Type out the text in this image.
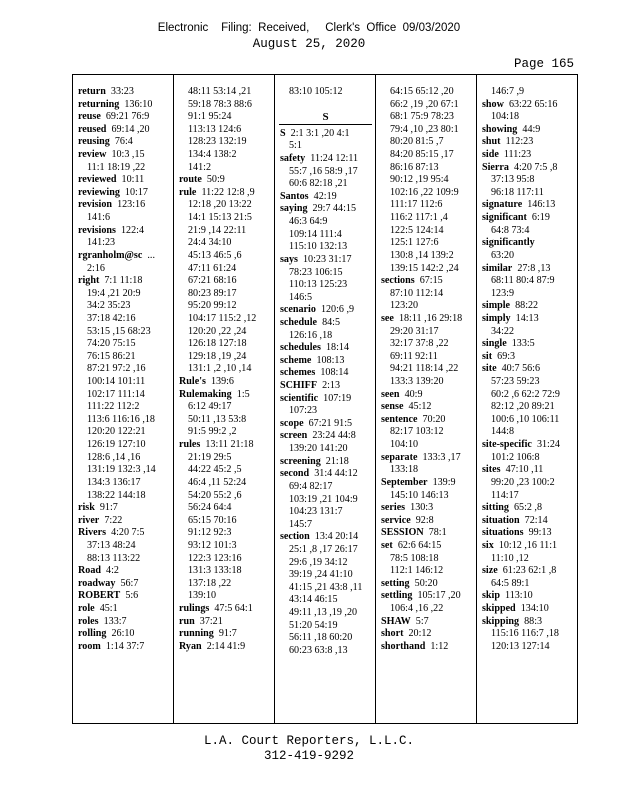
Electronic    Filing:  Received,     Clerk's  Office  09/03/2020
August 25, 2020
Page 165
return 33:23
returning 136:10
reuse 69:21 76:9
reused 69:14 ,20
reusing 76:4
review 10:3 ,15
11:1 18:19 ,22
reviewed 10:11
reviewing 10:17
revision 123:16
141:6
revisions 122:4
141:23
rgranholm@sc ...
2:16
right 7:1 11:18
19:4 ,21 20:9
34:2 35:23
37:18 42:16
53:15 ,15 68:23
74:20 75:15
76:15 86:21
87:21 97:2 ,16
100:14 101:11
102:17 111:14
111:22 112:2
113:6 116:16 ,18
120:20 122:21
126:19 127:10
128:6 ,14 ,16
131:19 132:3 ,14
134:3 136:17
138:22 144:18
risk 91:7
river 7:22
Rivers 4:20 7:5
37:13 48:24
88:13 113:22
Road 4:2
roadway 56:7
ROBERT 5:6
role 45:1
roles 133:7
rolling 26:10
room 1:14 37:7
48:11 53:14 ,21
59:18 78:3 88:6
91:1 95:24
113:13 124:6
128:23 132:19
134:4 138:2
141:2
route 50:9
rule 11:22 12:8 ,9
12:18 ,20 13:22
14:1 15:13 21:5
21:9 ,14 22:11
24:4 34:10
45:13 46:5 ,6
47:11 61:24
67:21 68:16
80:23 89:17
95:20 99:12
104:17 115:2 ,12
120:20 ,22 ,24
126:18 127:18
129:18 ,19 ,24
131:1 ,2 ,10 ,14
Rule's 139:6
Rulemaking 1:5
6:12 49:17
50:11 ,13 53:8
91:5 99:2 ,2
rules 13:11 21:18
21:19 29:5
44:22 45:2 ,5
46:4 ,11 52:24
54:20 55:2 ,6
56:24 64:4
65:15 70:16
91:12 92:3
93:12 101:3
122:3 123:16
131:3 133:18
137:18 ,22
139:10
rulings 47:5 64:1
run 37:21
running 91:7
Ryan 2:14 41:9
83:10 105:12

S
S 2:1 3:1 ,20 4:1
5:1
safety 11:24 12:11
55:7 ,16 58:9 ,17
60:6 82:18 ,21
Santos 42:19
saying 29:7 44:15
46:3 64:9
109:14 111:4
115:10 132:13
says 10:23 31:17
78:23 106:15
110:13 125:23
146:5
scenario 120:6 ,9
schedule 84:5
126:16 ,18
schedules 18:14
scheme 108:13
schemes 108:14
SCHIFF 2:13
scientific 107:19
107:23
scope 67:21 91:5
screen 23:24 44:8
139:20 141:20
screening 21:18
second 31:4 44:12
69:4 82:17
103:19 ,21 104:9
104:23 131:7
145:7
section 13:4 20:14
25:1 ,8 ,17 26:17
29:6 ,19 34:12
39:19 ,24 41:10
41:15 ,21 43:8 ,11
43:14 46:15
49:11 ,13 ,19 ,20
51:20 54:19
56:11 ,18 60:20
60:23 63:8 ,13
64:15 65:12 ,20
66:2 ,19 ,20 67:1
68:1 75:9 78:23
79:4 ,10 ,23 80:1
80:20 81:5 ,7
84:20 85:15 ,17
86:16 87:13
90:12 ,19 95:4
102:16 ,22 109:9
111:17 112:6
116:2 117:1 ,4
122:5 124:14
125:1 127:6
130:8 ,14 139:2
139:15 142:2 ,24
sections 67:15
87:10 112:14
123:20
see 18:11 ,16 29:18
29:20 31:17
32:17 37:8 ,22
69:11 92:11
94:21 118:14 ,22
133:3 139:20
seen 40:9
sense 45:12
sentence 70:20
82:17 103:12
104:10
separate 133:3 ,17
133:18
September 139:9
145:10 146:13
series 130:3
service 92:8
SESSION 78:1
set 62:6 64:15
78:5 108:18
112:1 146:12
setting 50:20
settling 105:17 ,20
106:4 ,16 ,22
SHAW 5:7
short 20:12
shorthand 1:12
146:7 ,9
show 63:22 65:16
104:18
showing 44:9
shut 112:23
side 111:23
Sierra 4:20 7:5 ,8
37:13 95:8
96:18 117:11
signature 146:13
significant 6:19
64:8 73:4
significantly
63:20
similar 27:8 ,13
68:11 80:4 87:9
123:9
simple 88:22
simply 14:13
34:22
single 133:5
sit 69:3
site 40:7 56:6
57:23 59:23
60:2 ,6 62:2 72:9
82:12 ,20 89:21
100:6 ,10 106:11
144:8
site-specific 31:24
101:2 106:8
sites 47:10 ,11
99:20 ,23 100:2
114:17
sitting 65:2 ,8
situation 72:14
situations 99:13
six 10:12 ,16 11:1
11:10 ,12
size 61:23 62:1 ,8
64:5 89:1
skip 113:10
skipped 134:10
skipping 88:3
115:16 116:7 ,18
120:13 127:14
L.A. Court Reporters, L.L.C.
312-419-9292
